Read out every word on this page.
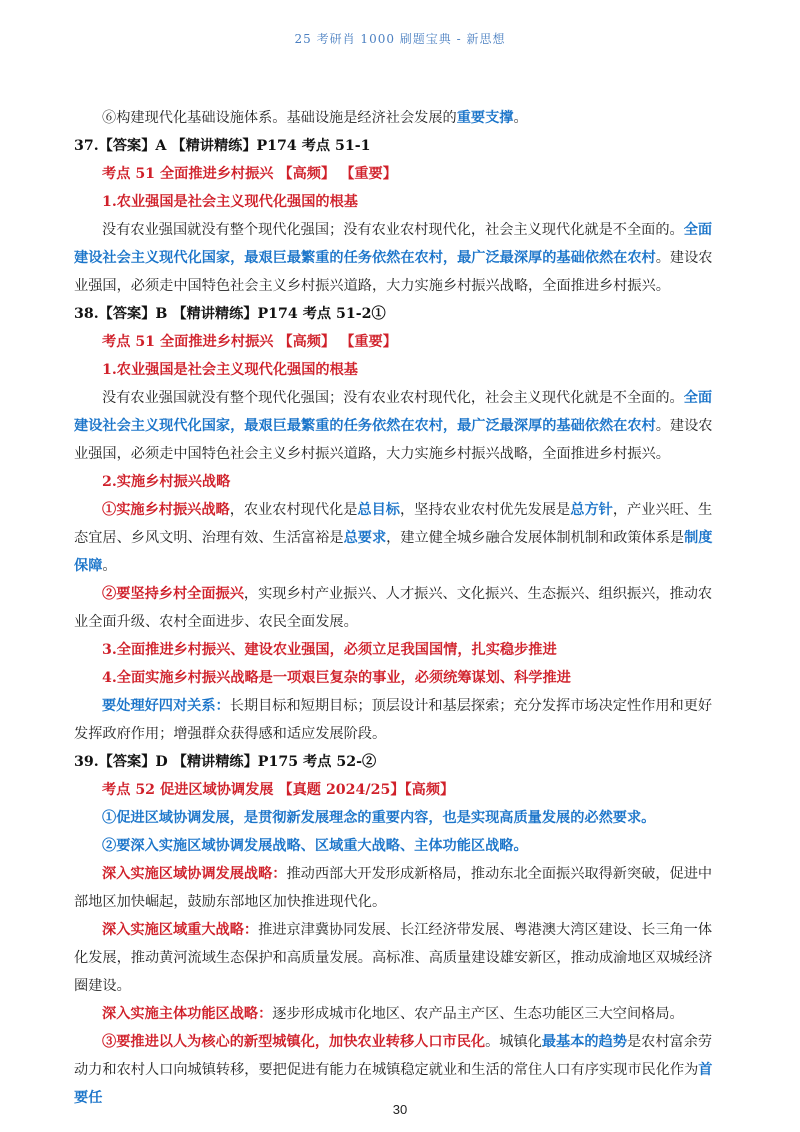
25 考研肖 1000 刷题宝典 - 新思想

⑥构建现代化基础设施体系。基础设施是经济社会发展的重要支撑。

37.【答案】A 【精讲精练】P174 考点 51-1

考点 51 全面推进乡村振兴 【高频】 【重要】

1.农业强国是社会主义现代化强国的根基

没有农业强国就没有整个现代化强国；没有农业农村现代化，社会主义现代化就是不全面的。全面建设社会主义现代化国家，最艰巨最繁重的任务依然在农村，最广泛最深厚的基础依然在农村。建设农业强国，必须走中国特色社会主义乡村振兴道路，大力实施乡村振兴战略，全面推进乡村振兴。

38.【答案】B 【精讲精练】P174 考点 51-2①

考点 51 全面推进乡村振兴 【高频】 【重要】

1.农业强国是社会主义现代化强国的根基

没有农业强国就没有整个现代化强国；没有农业农村现代化，社会主义现代化就是不全面的。全面建设社会主义现代化国家，最艰巨最繁重的任务依然在农村，最广泛最深厚的基础依然在农村。建设农业强国，必须走中国特色社会主义乡村振兴道路，大力实施乡村振兴战略，全面推进乡村振兴。

2.实施乡村振兴战略

①实施乡村振兴战略，农业农村现代化是总目标，坚持农业农村优先发展是总方针，产业兴旺、生态宜居、乡风文明、治理有效、生活富裕是总要求，建立健全城乡融合发展体制机制和政策体系是制度保障。

②要坚持乡村全面振兴，实现乡村产业振兴、人才振兴、文化振兴、生态振兴、组织振兴，推动农业全面升级、农村全面进步、农民全面发展。

3.全面推进乡村振兴、建设农业强国，必须立足我国国情，扎实稳步推进

4.全面实施乡村振兴战略是一项艰巨复杂的事业，必须统筹谋划、科学推进

要处理好四对关系：长期目标和短期目标；顶层设计和基层探索；充分发挥市场决定性作用和更好发挥政府作用；增强群众获得感和适应发展阶段。

39.【答案】D 【精讲精练】P175 考点 52-②

考点 52 促进区域协调发展 【真题 2024/25】【高频】

①促进区域协调发展，是贯彻新发展理念的重要内容，也是实现高质量发展的必然要求。

②要深入实施区域协调发展战略、区域重大战略、主体功能区战略。

深入实施区域协调发展战略：推动西部大开发形成新格局，推动东北全面振兴取得新突破，促进中部地区加快崛起，鼓励东部地区加快推进现代化。

深入实施区域重大战略：推进京津冀协同发展、长江经济带发展、粤港澳大湾区建设、长三角一体化发展，推动黄河流域生态保护和高质量发展。高标准、高质量建设雄安新区，推动成渝地区双城经济圈建设。

深入实施主体功能区战略：逐步形成城市化地区、农产品主产区、生态功能区三大空间格局。

③要推进以人为核心的新型城镇化，加快农业转移人口市民化。城镇化最基本的趋势是农村富余劳动力和农村人口向城镇转移，要把促进有能力在城镇稳定就业和生活的常住人口有序实现市民化作为首要任

30
